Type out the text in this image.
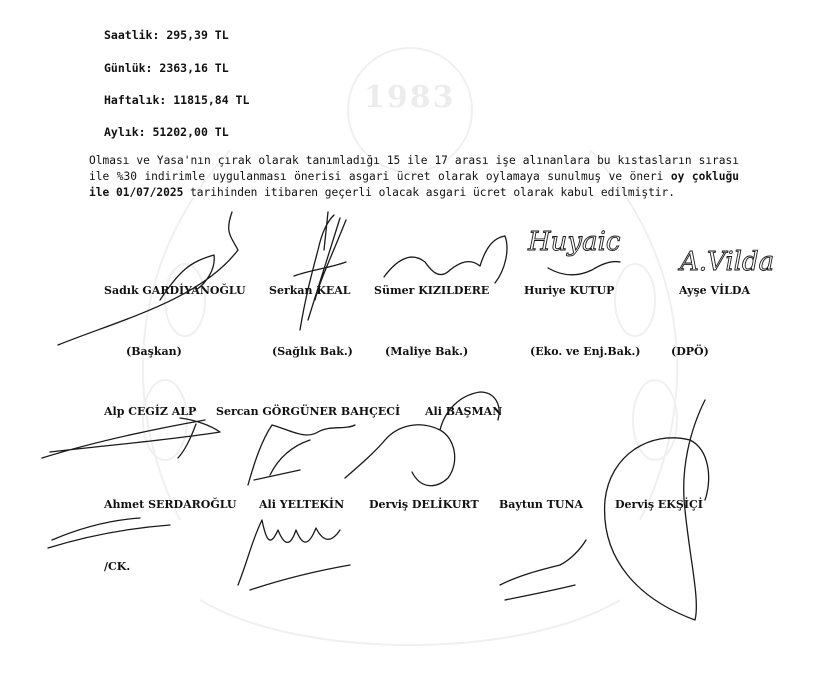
1983
Saatlik: 295,39 TL
Günlük: 2363,16 TL
Haftalık: 11815,84 TL
Aylık: 51202,00 TL
Olması ve Yasa'nın çırak olarak tanımladığı 15 ile 17 arası işe alınanlara bu kıstasların sırası ile %30 indirimle uygulanması önerisi asgari ücret olarak oylamaya sunulmuş ve öneri oy çokluğu ile 01/07/2025 tarihinden itibaren geçerli olacak asgari ücret olarak kabul edilmiştir.
Sadık GARDİYANOĞLU Serkan KEAL Sümer KIZILDERE	Huriye KUTUP	Ayşe VİLDA
(Başkan)	(Sağlık Bak.)	(Maliye Bak.)	(Eko. ve Enj.Bak.)	(DPÖ)
Alp CEGİZ ALP Sercan GÖRGÜNER BAHÇECİ Ali BAŞMAN
Ahmet SERDAROĞLU Ali YELTEKİN Derviş DELİKURT Baytun TUNA	Derviş EKŞİÇİ
/CK.
Huyaic
A.Vilda
